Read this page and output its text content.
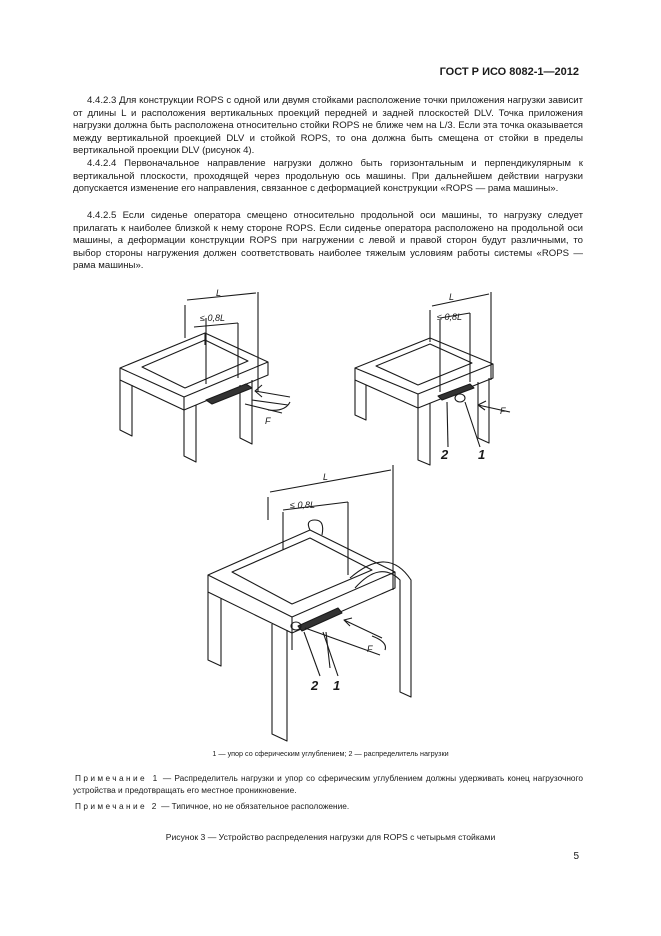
ГОСТ Р ИСО 8082-1—2012

4.4.2.3 Для конструкции ROPS с одной или двумя стойками расположение точки приложения нагрузки зависит от длины L и расположения вертикальных проекций передней и задней плоскостей DLV. Точка приложения нагрузки должна быть расположена относительно стойки ROPS не ближе чем на L/3. Если эта точка оказывается между вертикальной проекцией DLV и стойкой ROPS, то она должна быть смещена от стойки в пределы вертикальной проекции DLV (рисунок 4).

4.4.2.4 Первоначальное направление нагрузки должно быть горизонтальным и перпендикулярным к вертикальной плоскости, проходящей через продольную ось машины. При дальнейшем действии нагрузки допускается изменение его направления, связанное с деформацией конструкции «ROPS — рама машины».

4.4.2.5 Если сиденье оператора смещено относительно продольной оси машины, то нагрузку следует прилагать к наиболее близкой к нему стороне ROPS. Если сиденье оператора расположено на продольной оси машины, а деформации конструкции ROPS при нагружении с левой и правой сторон будут различными, то выбор стороны нагружения должен соответствовать наиболее тяжелым условиям работы системы «ROPS — рама машины».

L
≤ 0,8L
F
L
≤ 0,8L
F
1
2
L
≤ 0,8L
F
1
2
1 — упор со сферическим углублением; 2 — распределитель нагрузки

Примечание 1 — Распределитель нагрузки и упор со сферическим углублением должны удерживать конец нагрузочного устройства и предотвращать его местное проникновение.

Примечание 2 — Типичное, но не обязательное расположение.

Рисунок 3 — Устройство распределения нагрузки для ROPS с четырьмя стойками
5
